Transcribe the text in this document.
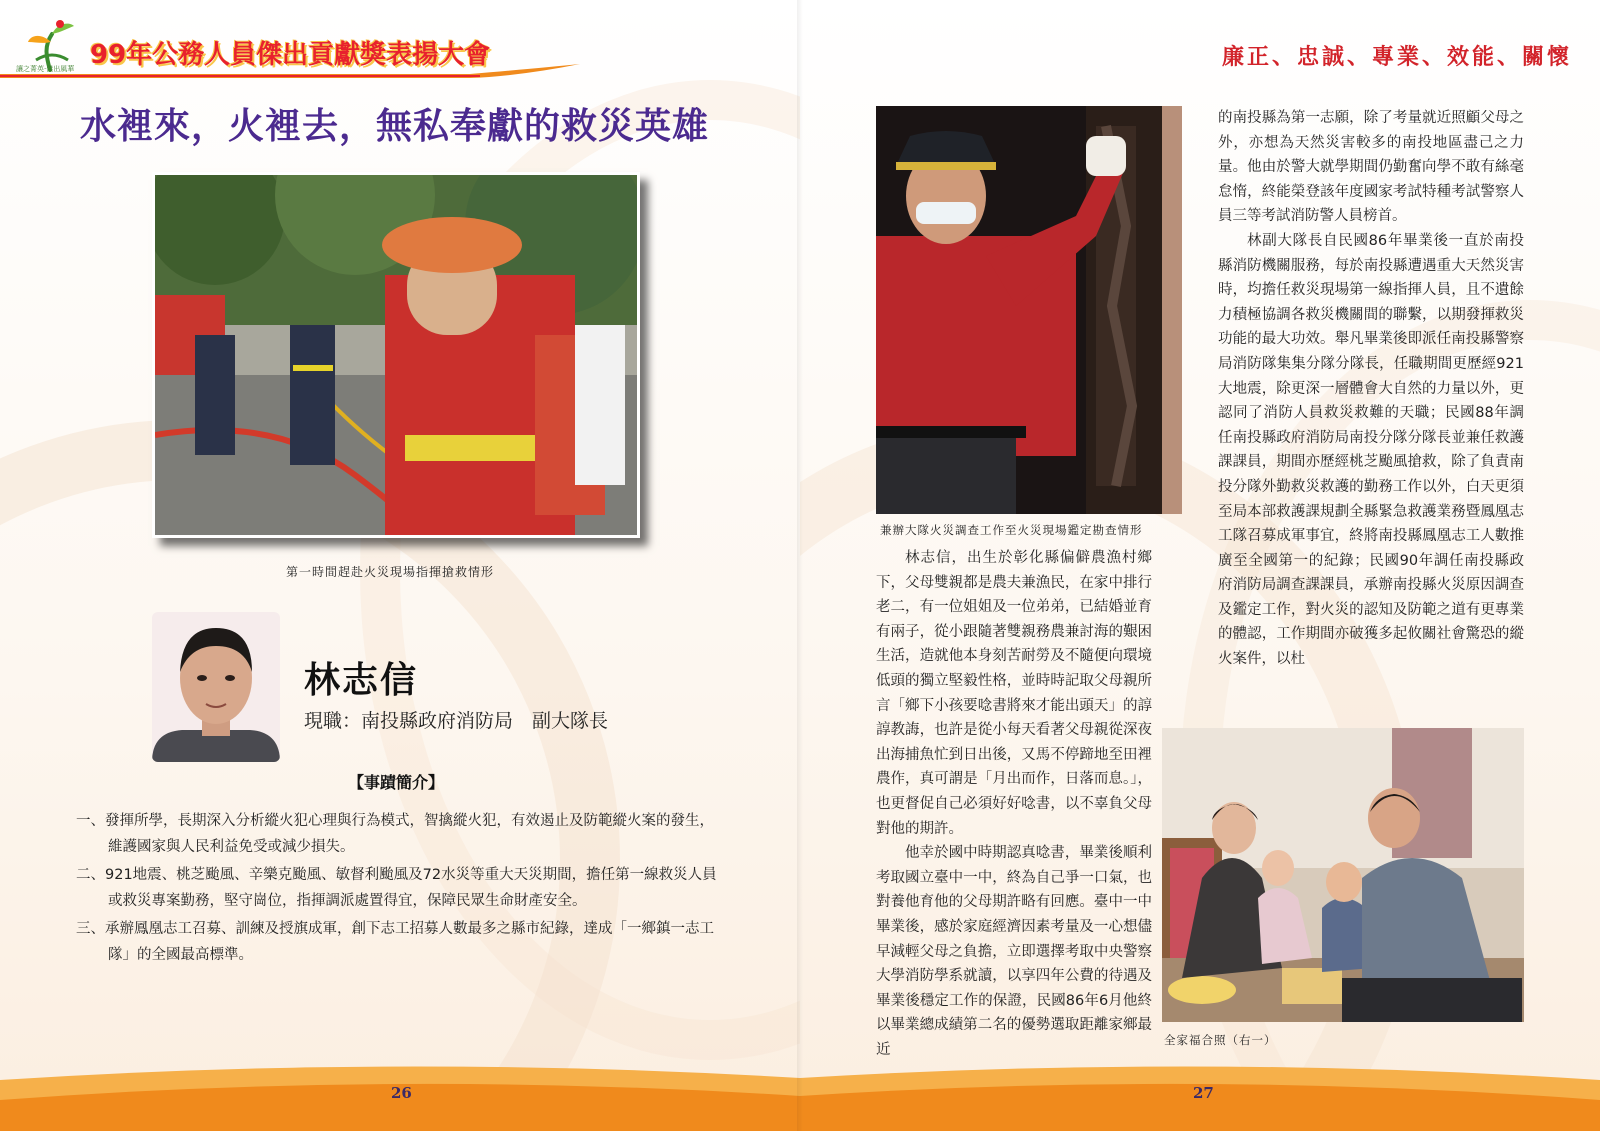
讓之菁英‧傑出風華 99年公務人員傑出貢獻獎表揚大會
水裡來，火裡去，無私奉獻的救災英雄
第一時間趕赴火災現場指揮搶救情形
林志信
現職：南投縣政府消防局　副大隊長
【事蹟簡介】

一、發揮所學，長期深入分析縱火犯心理與行為模式，智擒縱火犯，有效遏止及防範縱火案的發生，維護國家與人民利益免受或減少損失。

二、921地震、桃芝颱風、辛樂克颱風、敏督利颱風及72水災等重大天災期間，擔任第一線救災人員或救災專案勤務，堅守崗位，指揮調派處置得宜，保障民眾生命財產安全。

三、承辦鳳凰志工召募、訓練及授旗成軍，創下志工招募人數最多之縣市紀錄，達成「一鄉鎮一志工隊」的全國最高標準。

26
廉正、忠誠、專業、效能、關懷
兼辦大隊火災調查工作至火災現場鑑定勘查情形

的南投縣為第一志願，除了考量就近照顧父母之外，亦想為天然災害較多的南投地區盡己之力量。他由於警大就學期間仍勤奮向學不敢有絲毫怠惰，終能榮登該年度國家考試特種考試警察人員三等考試消防警人員榜首。

林副大隊長自民國86年畢業後一直於南投縣消防機關服務，每於南投縣遭遇重大天然災害時，均擔任救災現場第一線指揮人員，且不遺餘力積極協調各救災機關間的聯繫，以期發揮救災功能的最大功效。舉凡畢業後即派任南投縣警察局消防隊集集分隊分隊長，任職期間更歷經921大地震，除更深一層體會大自然的力量以外，更認同了消防人員救災救難的天職；民國88年調任南投縣政府消防局南投分隊分隊長並兼任救護課課員，期間亦歷經桃芝颱風搶救，除了負責南投分隊外勤救災救護的勤務工作以外，白天更須至局本部救護課規劃全縣緊急救護業務暨鳳凰志工隊召募成軍事宜，終將南投縣鳳凰志工人數推廣至全國第一的紀錄；民國90年調任南投縣政府消防局調查課課員，承辦南投縣火災原因調查及鑑定工作，對火災的認知及防範之道有更專業的體認，工作期間亦破獲多起攸關社會驚恐的縱火案件，以杜

林志信，出生於彰化縣偏僻農漁村鄉下，父母雙親都是農夫兼漁民，在家中排行老二，有一位姐姐及一位弟弟，已結婚並育有兩子，從小跟隨著雙親務農兼討海的艱困生活，造就他本身刻苦耐勞及不隨便向環境低頭的獨立堅毅性格，並時時記取父母親所言「鄉下小孩要唸書將來才能出頭天」的諄諄教誨，也許是從小每天看著父母親從深夜出海捕魚忙到日出後，又馬不停蹄地至田裡農作，真可謂是「月出而作，日落而息。」，也更督促自己必須好好唸書，以不辜負父母對他的期許。

他幸於國中時期認真唸書，畢業後順利考取國立臺中一中，終為自己爭一口氣，也對養他育他的父母期許略有回應。臺中一中畢業後，感於家庭經濟因素考量及一心想儘早減輕父母之負擔，立即選擇考取中央警察大學消防學系就讀，以享四年公費的待遇及畢業後穩定工作的保證，民國86年6月他終以畢業總成績第二名的優勢選取距離家鄉最近

全家福合照（右一）
27
